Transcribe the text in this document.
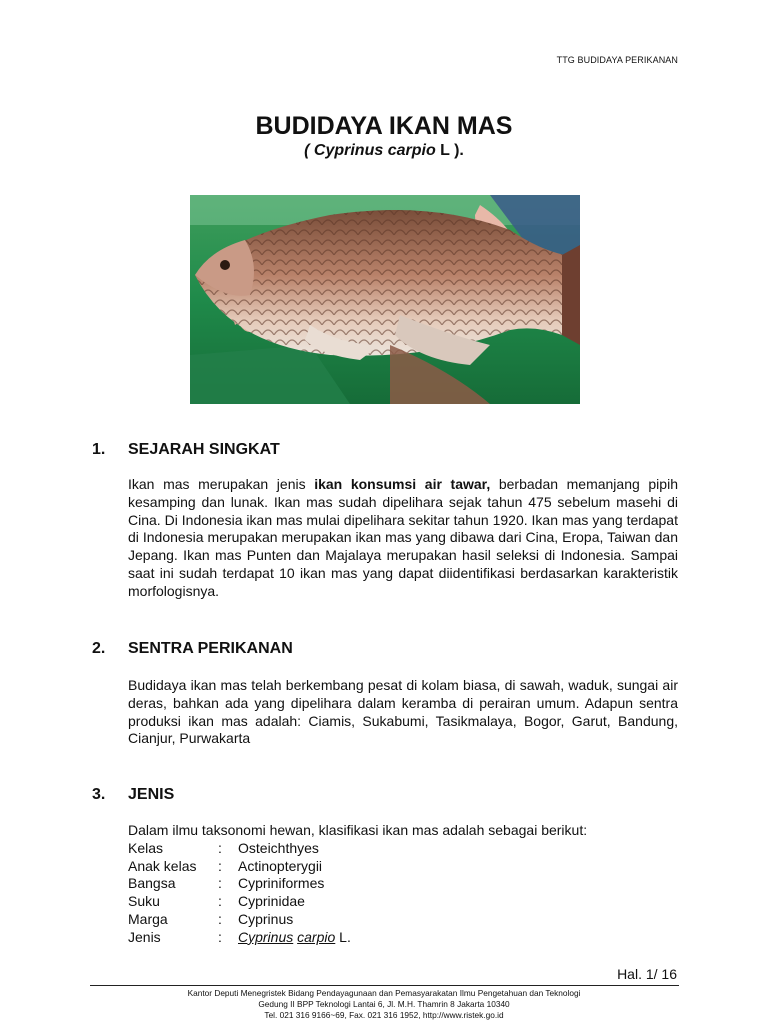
TTG BUDIDAYA PERIKANAN
BUDIDAYA IKAN MAS
( Cyprinus carpio L ).
1. SEJARAH SINGKAT
Ikan mas merupakan jenis ikan konsumsi air tawar, berbadan memanjang pipih kesamping dan lunak. Ikan mas sudah dipelihara sejak tahun 475 sebelum masehi di Cina. Di Indonesia ikan mas mulai dipelihara sekitar tahun 1920. Ikan mas yang terdapat di Indonesia merupakan merupakan ikan mas yang dibawa dari Cina, Eropa, Taiwan dan Jepang. Ikan mas Punten dan Majalaya merupakan hasil seleksi di Indonesia. Sampai saat ini sudah terdapat 10 ikan mas yang dapat diidentifikasi berdasarkan karakteristik morfologisnya.
2. SENTRA PERIKANAN
Budidaya ikan mas telah berkembang pesat di kolam biasa, di sawah, waduk, sungai air deras, bahkan ada yang dipelihara dalam keramba di perairan umum. Adapun sentra produksi ikan mas adalah: Ciamis, Sukabumi, Tasikmalaya, Bogor, Garut, Bandung, Cianjur, Purwakarta
3. JENIS
Dalam ilmu taksonomi hewan, klasifikasi ikan mas adalah sebagai berikut:
Kelas	:	Osteichthyes
Anak kelas	:	Actinopterygii
Bangsa	:	Cypriniformes
Suku	:	Cyprinidae
Marga	:	Cyprinus
Jenis	:	Cyprinus carpio L.
Hal. 1/ 16
Kantor Deputi Menegristek Bidang Pendayagunaan dan Pemasyarakatan Ilmu Pengetahuan dan Teknologi
Gedung II BPP Teknologi Lantai 6, Jl. M.H. Thamrin 8 Jakarta 10340
Tel. 021 316 9166~69, Fax. 021 316 1952, http://www.ristek.go.id
